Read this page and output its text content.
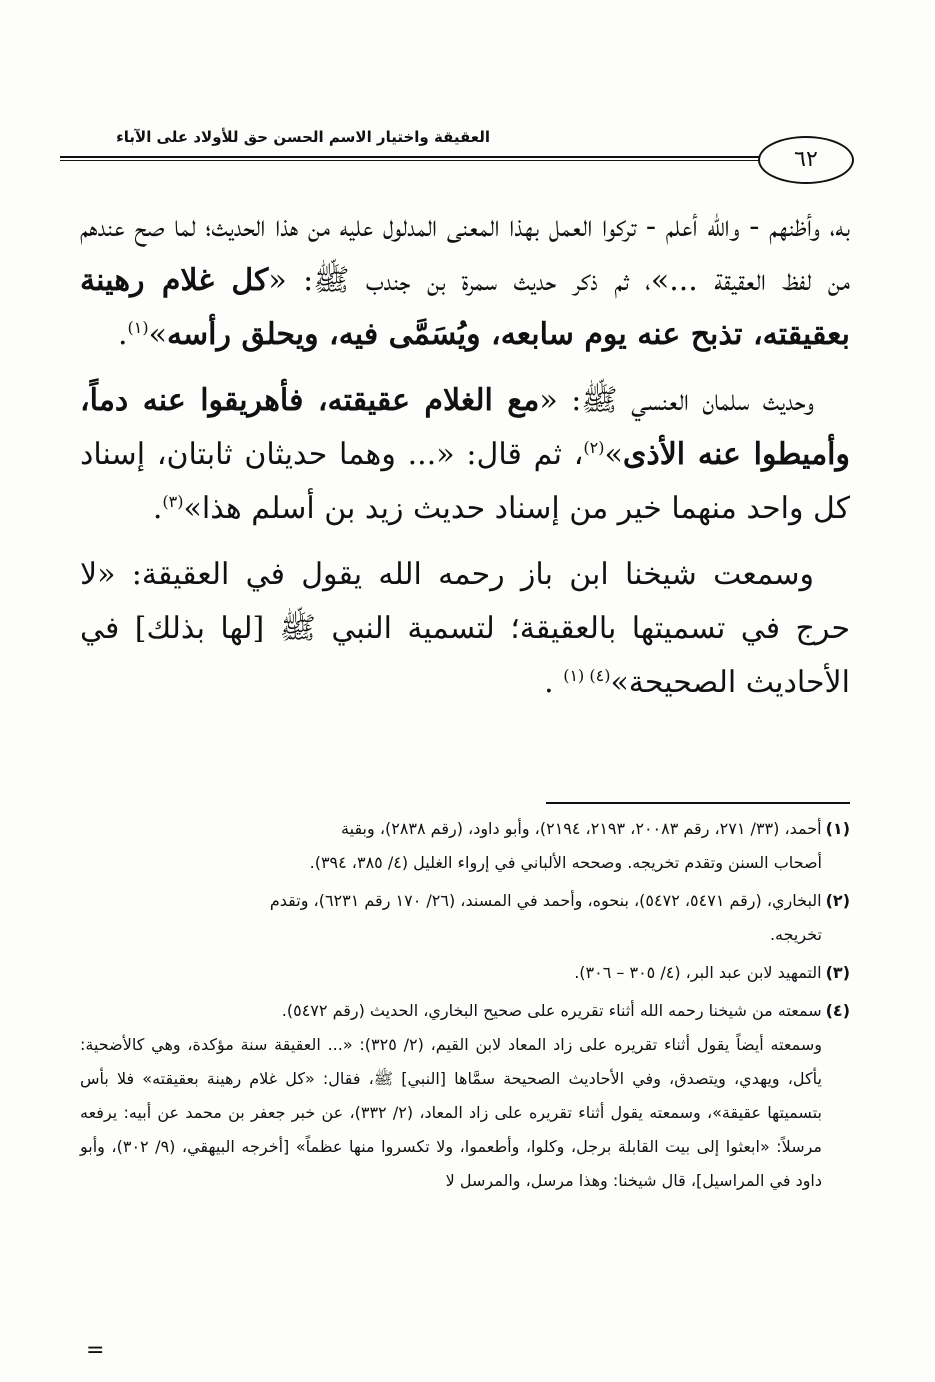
العقيقة واختيار الاسم الحسن حق للأولاد على الآباء
٦٢

به، وأظنهم - والله أعلم - تركوا العمل بهذا المعنى المدلول عليه من هذا الحديث؛ لما صح عندهم من لفظ العقيقة ...»، ثم ذكر حديث سمرة بن جندب ﷺ: «كل غلام رهينة بعقيقته، تذبح عنه يوم سابعه، ويُسَمَّى فيه، ويحلق رأسه»$^{(١)}$.

وحديث سلمان العنسي ﷺ: «مع الغلام عقيقته، فأهريقوا عنه دماً، وأميطوا عنه الأذى»$^{(٢)}$، ثم قال: «... وهما حديثان ثابتان، إسناد كل واحد منهما خير من إسناد حديث زيد بن أسلم هذا»$^{(٣)}$.

وسمعت شيخنا ابن باز رحمه الله يقول في العقيقة: «لا حرج في تسميتها بالعقيقة؛ لتسمية النبي ﷺ [لها بذلك] في الأحاديث الصحيحة»$^{(٤) (١)}$ .

(١)أحمد، (٣٣/ ٢٧١، رقم ٢٠٠٨٣، ٢١٩٣، ٢١٩٤)، وأبو داود، (رقم ٢٨٣٨)، وبقية
أصحاب السنن وتقدم تخريجه. وصححه الألباني في إرواء الغليل (٤/ ٣٨٥، ٣٩٤).

(٢)البخاري، (رقم ٥٤٧١، ٥٤٧٢)، بنحوه، وأحمد في المسند، (٢٦/ ١٧٠ رقم ٦٢٣١)، وتقدم
تخريجه.

(٣)التمهيد لابن عبد البر، (٤/ ٣٠٥ – ٣٠٦).

(٤)سمعته من شيخنا رحمه الله أثناء تقريره على صحيح البخاري، الحديث (رقم ٥٤٧٢).
وسمعته أيضاً يقول أثناء تقريره على زاد المعاد لابن القيم، (٢/ ٣٢٥): «... العقيقة سنة مؤكدة، وهي كالأضحية: يأكل، ويهدي، ويتصدق، وفي الأحاديث الصحيحة سمَّاها [النبي] ﷺ، فقال: «كل غلام رهينة بعقيقته» فلا بأس بتسميتها عقيقة»، وسمعته يقول أثناء تقريره على زاد المعاد، (٢/ ٣٣٢)، عن خبر جعفر بن محمد عن أبيه: يرفعه مرسلاً: «ابعثوا إلى بيت القابلة برجل، وكلوا، وأطعموا، ولا تكسروا منها عظماً» [أخرجه البيهقي، (٩/ ٣٠٢)، وأبو داود في المراسيل]، قال شيخنا: وهذا مرسل، والمرسل لا

=
